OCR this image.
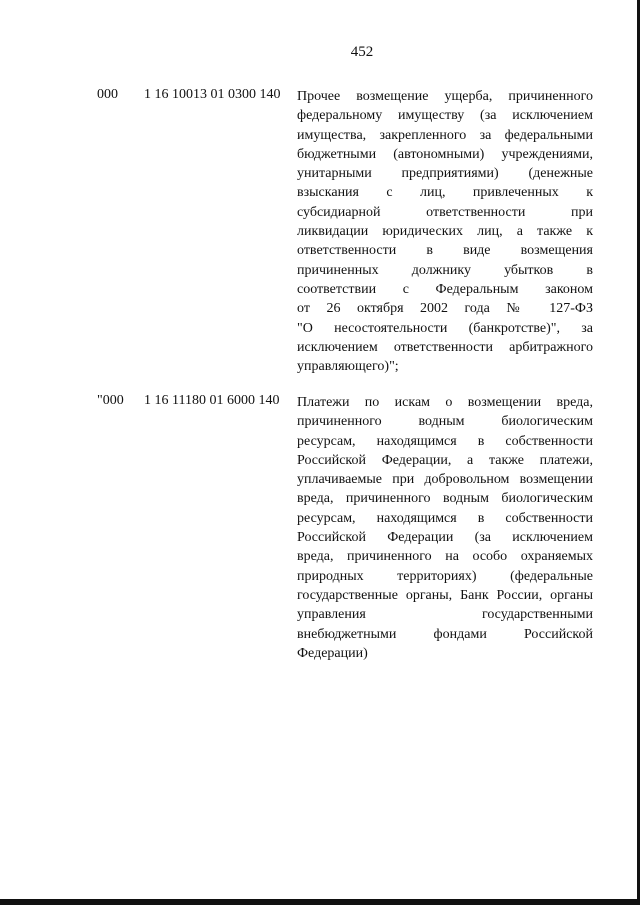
452
000 1 16 10013 01 0300 140 Прочее возмещение ущерба, причиненного
федеральному имуществу (за исключением
имущества, закрепленного за федеральными
бюджетными (автономными) учреждениями,
унитарными предприятиями) (денежные
взыскания с лиц, привлеченных к
субсидиарной ответственности при
ликвидации юридических лиц, а также к
ответственности в виде возмещения
причиненных должнику убытков в
соответствии с Федеральным законом
от 26 октября 2002 года № 127-ФЗ
"О несостоятельности (банкротстве)", за
исключением ответственности арбитражного
управляющего)";
"000 1 16 11180 01 6000 140 Платежи по искам о возмещении вреда,
причиненного водным биологическим
ресурсам, находящимся в собственности
Российской Федерации, а также платежи,
уплачиваемые при добровольном возмещении
вреда, причиненного водным биологическим
ресурсам, находящимся в собственности
Российской Федерации (за исключением
вреда, причиненного на особо охраняемых
природных территориях) (федеральные
государственные органы, Банк России, органы
управления государственными
внебюджетными фондами Российской
Федерации)
